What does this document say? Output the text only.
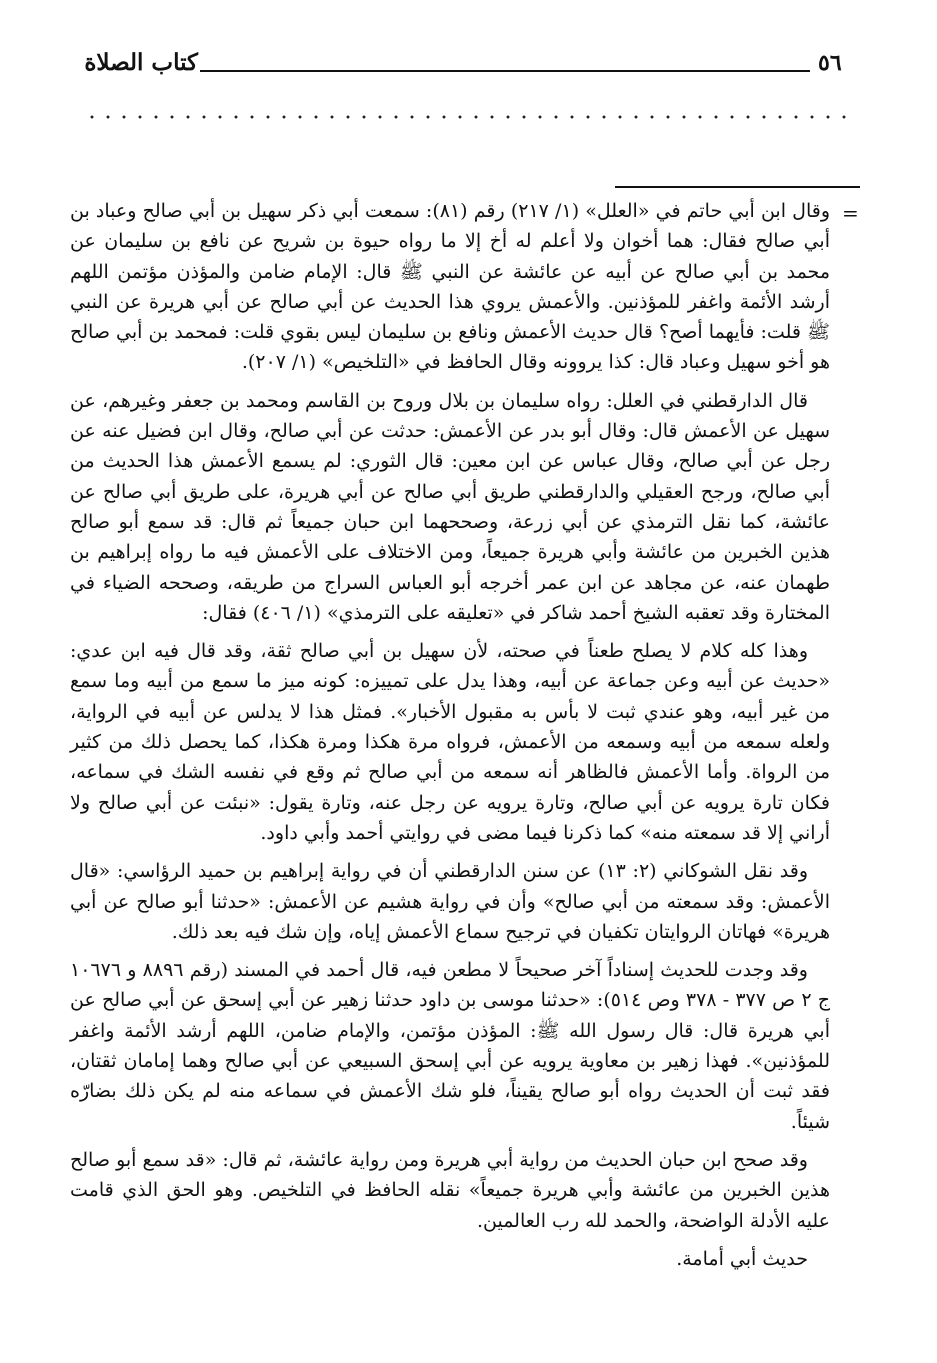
٥٦
كتاب الصلاة
=

وقال ابن أبي حاتم في «العلل» (١/ ٢١٧) رقم (٨١): سمعت أبي ذكر سهيل بن أبي صالح وعباد بن أبي صالح فقال: هما أخوان ولا أعلم له أخ إلا ما رواه حيوة بن شريح عن نافع بن سليمان عن محمد بن أبي صالح عن أبيه عن عائشة عن النبي ﷺ قال: الإمام ضامن والمؤذن مؤتمن اللهم أرشد الأئمة واغفر للمؤذنين. والأعمش يروي هذا الحديث عن أبي صالح عن أبي هريرة عن النبي ﷺ قلت: فأيهما أصح؟ قال حديث الأعمش ونافع بن سليمان ليس بقوي قلت: فمحمد بن أبي صالح هو أخو سهيل وعباد قال: كذا يروونه وقال الحافظ في «التلخيص» (١/ ٢٠٧).

قال الدارقطني في العلل: رواه سليمان بن بلال وروح بن القاسم ومحمد بن جعفر وغيرهم، عن سهيل عن الأعمش قال: وقال أبو بدر عن الأعمش: حدثت عن أبي صالح، وقال ابن فضيل عنه عن رجل عن أبي صالح، وقال عباس عن ابن معين: قال الثوري: لم يسمع الأعمش هذا الحديث من أبي صالح، ورجح العقيلي والدارقطني طريق أبي صالح عن أبي هريرة، على طريق أبي صالح عن عائشة، كما نقل الترمذي عن أبي زرعة، وصححهما ابن حبان جميعاً ثم قال: قد سمع أبو صالح هذين الخبرين من عائشة وأبي هريرة جميعاً، ومن الاختلاف على الأعمش فيه ما رواه إبراهيم بن طهمان عنه، عن مجاهد عن ابن عمر أخرجه أبو العباس السراج من طريقه، وصححه الضياء في المختارة وقد تعقبه الشيخ أحمد شاكر في «تعليقه على الترمذي» (١/ ٤٠٦) فقال:

وهذا كله كلام لا يصلح طعناً في صحته، لأن سهيل بن أبي صالح ثقة، وقد قال فيه ابن عدي: «حديث عن أبيه وعن جماعة عن أبيه، وهذا يدل على تمييزه: كونه ميز ما سمع من أبيه وما سمع من غير أبيه، وهو عندي ثبت لا بأس به مقبول الأخبار». فمثل هذا لا يدلس عن أبيه في الرواية، ولعله سمعه من أبيه وسمعه من الأعمش، فرواه مرة هكذا ومرة هكذا، كما يحصل ذلك من كثير من الرواة. وأما الأعمش فالظاهر أنه سمعه من أبي صالح ثم وقع في نفسه الشك في سماعه، فكان تارة يرويه عن أبي صالح، وتارة يرويه عن رجل عنه، وتارة يقول: «نبئت عن أبي صالح ولا أراني إلا قد سمعته منه» كما ذكرنا فيما مضى في روايتي أحمد وأبي داود.

وقد نقل الشوكاني (٢: ١٣) عن سنن الدارقطني أن في رواية إبراهيم بن حميد الرؤاسي: «قال الأعمش: وقد سمعته من أبي صالح» وأن في رواية هشيم عن الأعمش: «حدثنا أبو صالح عن أبي هريرة» فهاتان الروايتان تكفيان في ترجيح سماع الأعمش إياه، وإن شك فيه بعد ذلك.

وقد وجدت للحديث إسناداً آخر صحيحاً لا مطعن فيه، قال أحمد في المسند (رقم ٨٨٩٦ و ١٠٦٧٦ ج ٢ ص ٣٧٧ - ٣٧٨ وص ٥١٤): «حدثنا موسى بن داود حدثنا زهير عن أبي إسحق عن أبي صالح عن أبي هريرة قال: قال رسول الله ﷺ: المؤذن مؤتمن، والإمام ضامن، اللهم أرشد الأئمة واغفر للمؤذنين». فهذا زهير بن معاوية يرويه عن أبي إسحق السبيعي عن أبي صالح وهما إمامان ثقتان، فقد ثبت أن الحديث رواه أبو صالح يقيناً، فلو شك الأعمش في سماعه منه لم يكن ذلك بضارّه شيئاً.

وقد صحح ابن حبان الحديث من رواية أبي هريرة ومن رواية عائشة، ثم قال: «قد سمع أبو صالح هذين الخبرين من عائشة وأبي هريرة جميعاً» نقله الحافظ في التلخيص. وهو الحق الذي قامت عليه الأدلة الواضحة، والحمد لله رب العالمين.

حديث أبي أمامة.
